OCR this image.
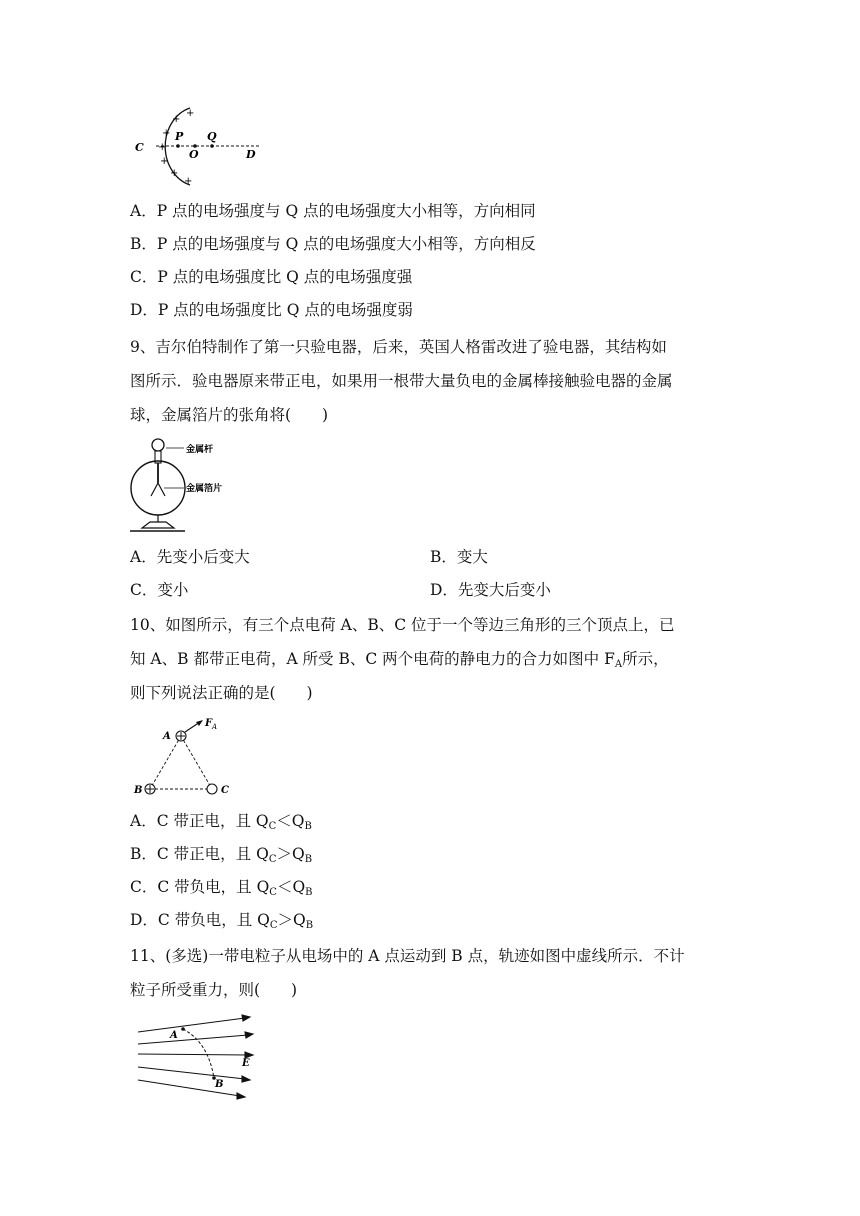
+
+
+
+
+
+
+
C
P
O
Q
D
A．P 点的电场强度与 Q 点的电场强度大小相等，方向相同
B．P 点的电场强度与 Q 点的电场强度大小相等，方向相反
C．P 点的电场强度比 Q 点的电场强度强
D．P 点的电场强度比 Q 点的电场强度弱
9、吉尔伯特制作了第一只验电器，后来，英国人格雷改进了验电器，其结构如
图所示．验电器原来带正电，如果用一根带大量负电的金属棒接触验电器的金属
球，金属箔片的张角将(　　)
金属杆
金属箔片
A．先变小后变大	B．变大
C．变小	D．先变大后变小
10、如图所示，有三个点电荷 A、B、C 位于一个等边三角形的三个顶点上，已
知 A、B 都带正电荷，A 所受 B、C 两个电荷的静电力的合力如图中 $F_A$所示，
则下列说法正确的是(　　)
A
F A
B	C
A．C 带正电，且 $Q_C<Q_B$
B．C 带正电，且 $Q_C>Q_B$
C．C 带负电，且 $Q_C<Q_B$
D．C 带负电，且 $Q_C>Q_B$
11、(多选)一带电粒子从电场中的 A 点运动到 B 点，轨迹如图中虚线所示．不计
粒子所受重力，则(　　)
A
B
E
